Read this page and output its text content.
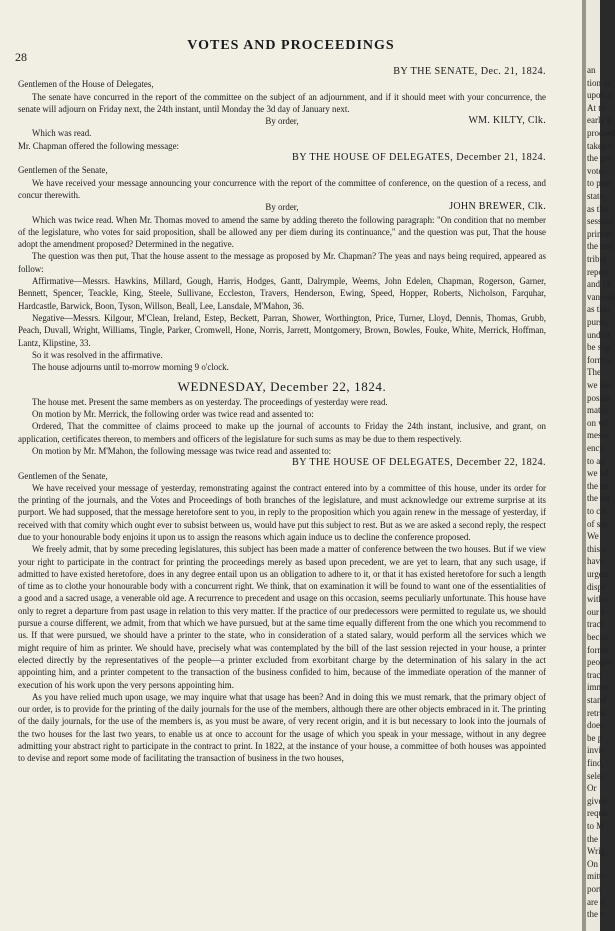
28
VOTES AND PROCEEDINGS

BY THE SENATE, Dec. 21, 1824.

Gentlemen of the House of Delegates,

The senate have concurred in the report of the committee on the subject of an adjournment, and if it should meet with your concurrence, the senate will adjourn on Friday next, the 24th instant, until Monday the 3d day of January next.

By order,	WM. KILTY, Clk.

Which was read.

Mr. Chapman offered the following message:

BY THE HOUSE OF DELEGATES, December 21, 1824.

Gentlemen of the Senate,

We have received your message announcing your concurrence with the report of the committee of conference, on the question of a recess, and concur therewith.

By order,	JOHN BREWER, Clk.

Which was twice read. When Mr. Thomas moved to amend the same by adding thereto the following paragraph: "On condition that no member of the legislature, who votes for said proposition, shall be allowed any per diem during its continuance," and the question was put, That the house adopt the amendment proposed? Determined in the negative.

The question was then put, That the house assent to the message as proposed by Mr. Chapman? The yeas and nays being required, appeared as follow:

Affirmative—Messrs. Hawkins, Millard, Gough, Harris, Hodges, Gantt, Dalrymple, Weems, John Edelen, Chapman, Rogerson, Garner, Bennett, Spencer, Teackle, King, Steele, Sullivane, Eccleston, Travers, Henderson, Ewing, Speed, Hopper, Roberts, Nicholson, Farquhar, Hardcastle, Barwick, Boon, Tyson, Willson, Beall, Lee, Lansdale, M'Mahon, 36.

Negative—Messrs. Kilgour, M'Clean, Ireland, Estep, Beckett, Parran, Shower, Worthington, Price, Turner, Lloyd, Dennis, Thomas, Grubb, Peach, Duvall, Wright, Williams, Tingle, Parker, Cromwell, Hone, Norris, Jarrett, Montgomery, Brown, Bowles, Fouke, White, Merrick, Hoffman, Lantz, Klipstine, 33.

So it was resolved in the affirmative.

The house adjourns until to-morrow morning 9 o'clock.

WEDNESDAY, December 22, 1824.

The house met. Present the same members as on yesterday. The proceedings of yesterday were read.

On motion by Mr. Merrick, the following order was twice read and assented to:

Ordered, That the committee of claims proceed to make up the journal of accounts to Friday the 24th instant, inclusive, and grant, on application, certificates thereon, to members and officers of the legislature for such sums as may be due to them respectively.

On motion by Mr. M'Mahon, the following message was twice read and assented to:

BY THE HOUSE OF DELEGATES, December 22, 1824.

Gentlemen of the Senate,

We have received your message of yesterday, remonstrating against the contract entered into by a committee of this house, under its order for the printing of the journals, and the Votes and Proceedings of both branches of the legislature, and must acknowledge our extreme surprise at its purport. We had supposed, that the message heretofore sent to you, in reply to the proposition which you again renew in the message of yesterday, if received with that comity which ought ever to subsist between us, would have put this subject to rest. But as we are asked a second reply, the respect due to your honourable body enjoins it upon us to assign the reasons which again induce us to decline the conference proposed.

We freely admit, that by some preceding legislatures, this subject has been made a matter of conference between the two houses. But if we view your right to participate in the contract for printing the proceedings merely as based upon precedent, we are yet to learn, that any such usage, if admitted to have existed heretofore, does in any degree entail upon us an obligation to adhere to it, or that it has existed heretofore for such a length of time as to clothe your honourable body with a concurrent right. We think, that on examination it will be found to want one of the essentialities of a good and a sacred usage, a venerable old age. A recurrence to precedent and usage on this occasion, seems peculiarly unfortunate. This house have only to regret a departure from past usage in relation to this very matter. If the practice of our predecessors were permitted to regulate us, we should pursue a course different, we admit, from that which we have pursued, but at the same time equally different from the one which you recommend to us. If that were pursued, we should have a printer to the state, who in consideration of a stated salary, would perform all the services which we might require of him as printer. We should have, precisely what was contemplated by the bill of the last session rejected in your house, a printer elected directly by the representatives of the people—a printer excluded from exorbitant charge by the determination of his salary in the act appointing him, and a printer competent to the transaction of the business confided to him, because of the immediate operation of the manner of execution of his work upon the very persons appointing him.

As you have relied much upon usage, we may inquire what that usage has been? And in doing this we must remark, that the primary object of our order, is to provide for the printing of the daily journals for the use of the members, although there are other objects embraced in it. The printing of the daily journals, for the use of the members is, as you must be aware, of very recent origin, and it is but necessary to look into the journals of the two houses for the last two years, to enable us at once to account for the usage of which you speak in your message, without in any degree admitting your abstract right to participate in the contract to print. In 1822, at the instance of your house, a committee of both houses was appointed to devise and report some mode of facilitating the transaction of business in the two houses,

an
tion to
upon a
At th
early p
proceed
taken t
the pro
vote.
to prin
state,
as the
session
printin
the con
tribut
report
and 14
vancem
as this
purse,
undivi
be sup
form a
The
we are
possib
matio
on wh
messa
ency,
to ad
we ad
the ne
the int
to car
of sai
We
this s
have
urgen
displ
witho
our s
tract
becau
forme
people
tract
imme
stand
retrac
does
be p
invit
find,
selec
Or
given
reque
to M
the
Wrig
On
mitte
port
are n
the s
